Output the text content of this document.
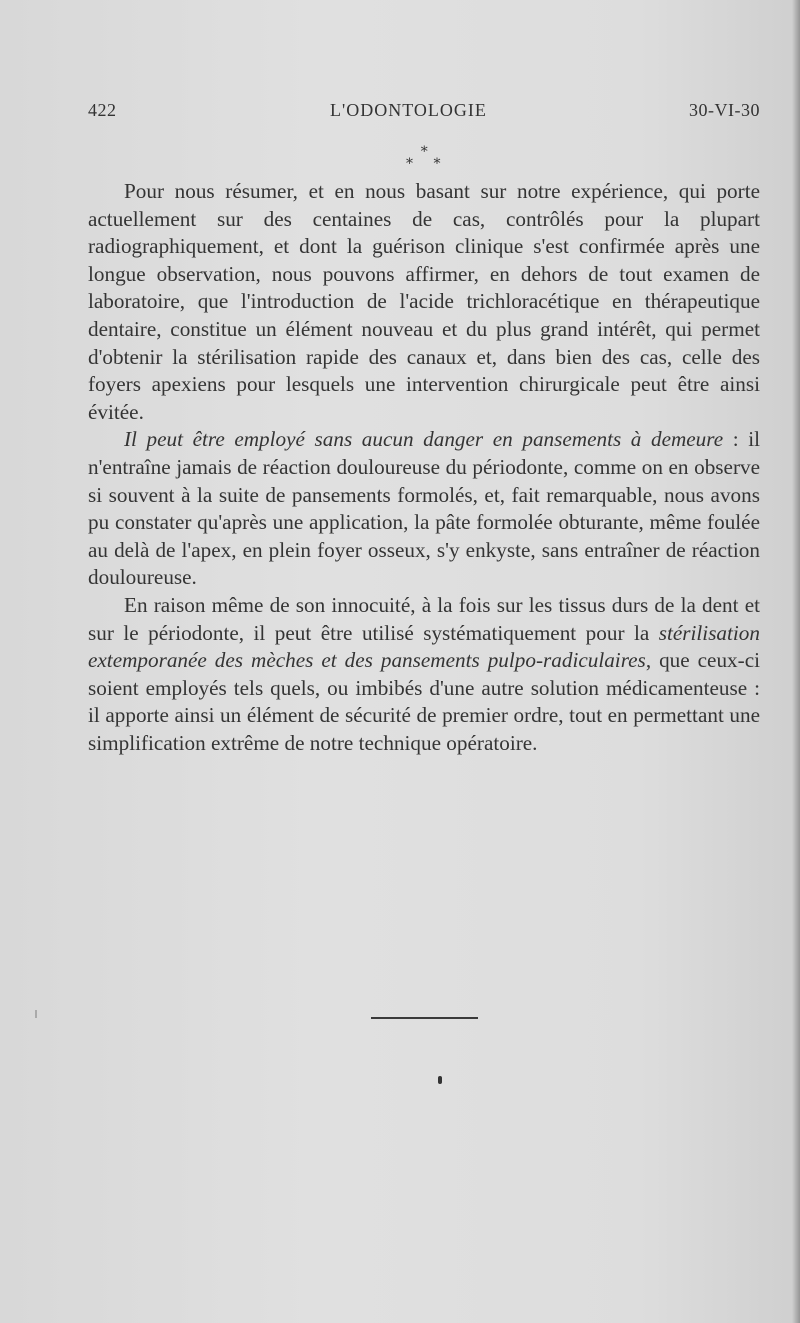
422	L'ODONTOLOGIE	30-VI-30
*
* *

Pour nous résumer, et en nous basant sur notre expérience, qui porte actuellement sur des centaines de cas, contrôlés pour la plupart radiographiquement, et dont la guérison clinique s'est confirmée après une longue observation, nous pouvons affirmer, en dehors de tout examen de laboratoire, que l'introduction de l'acide trichloracétique en thérapeutique dentaire, constitue un élément nouveau et du plus grand intérêt, qui permet d'obtenir la stérilisation rapide des canaux et, dans bien des cas, celle des foyers apexiens pour lesquels une intervention chirurgicale peut être ainsi évitée.

Il peut être employé sans aucun danger en pansements à demeure : il n'entraîne jamais de réaction douloureuse du périodonte, comme on en observe si souvent à la suite de pansements formolés, et, fait remarquable, nous avons pu constater qu'après une application, la pâte formolée obturante, même foulée au delà de l'apex, en plein foyer osseux, s'y enkyste, sans entraîner de réaction douloureuse.

En raison même de son innocuité, à la fois sur les tissus durs de la dent et sur le périodonte, il peut être utilisé systématiquement pour la stérilisation extemporanée des mèches et des pansements pulpo-radiculaires, que ceux-ci soient employés tels quels, ou imbibés d'une autre solution médicamenteuse : il apporte ainsi un élément de sécurité de premier ordre, tout en permettant une simplification extrême de notre technique opératoire.
